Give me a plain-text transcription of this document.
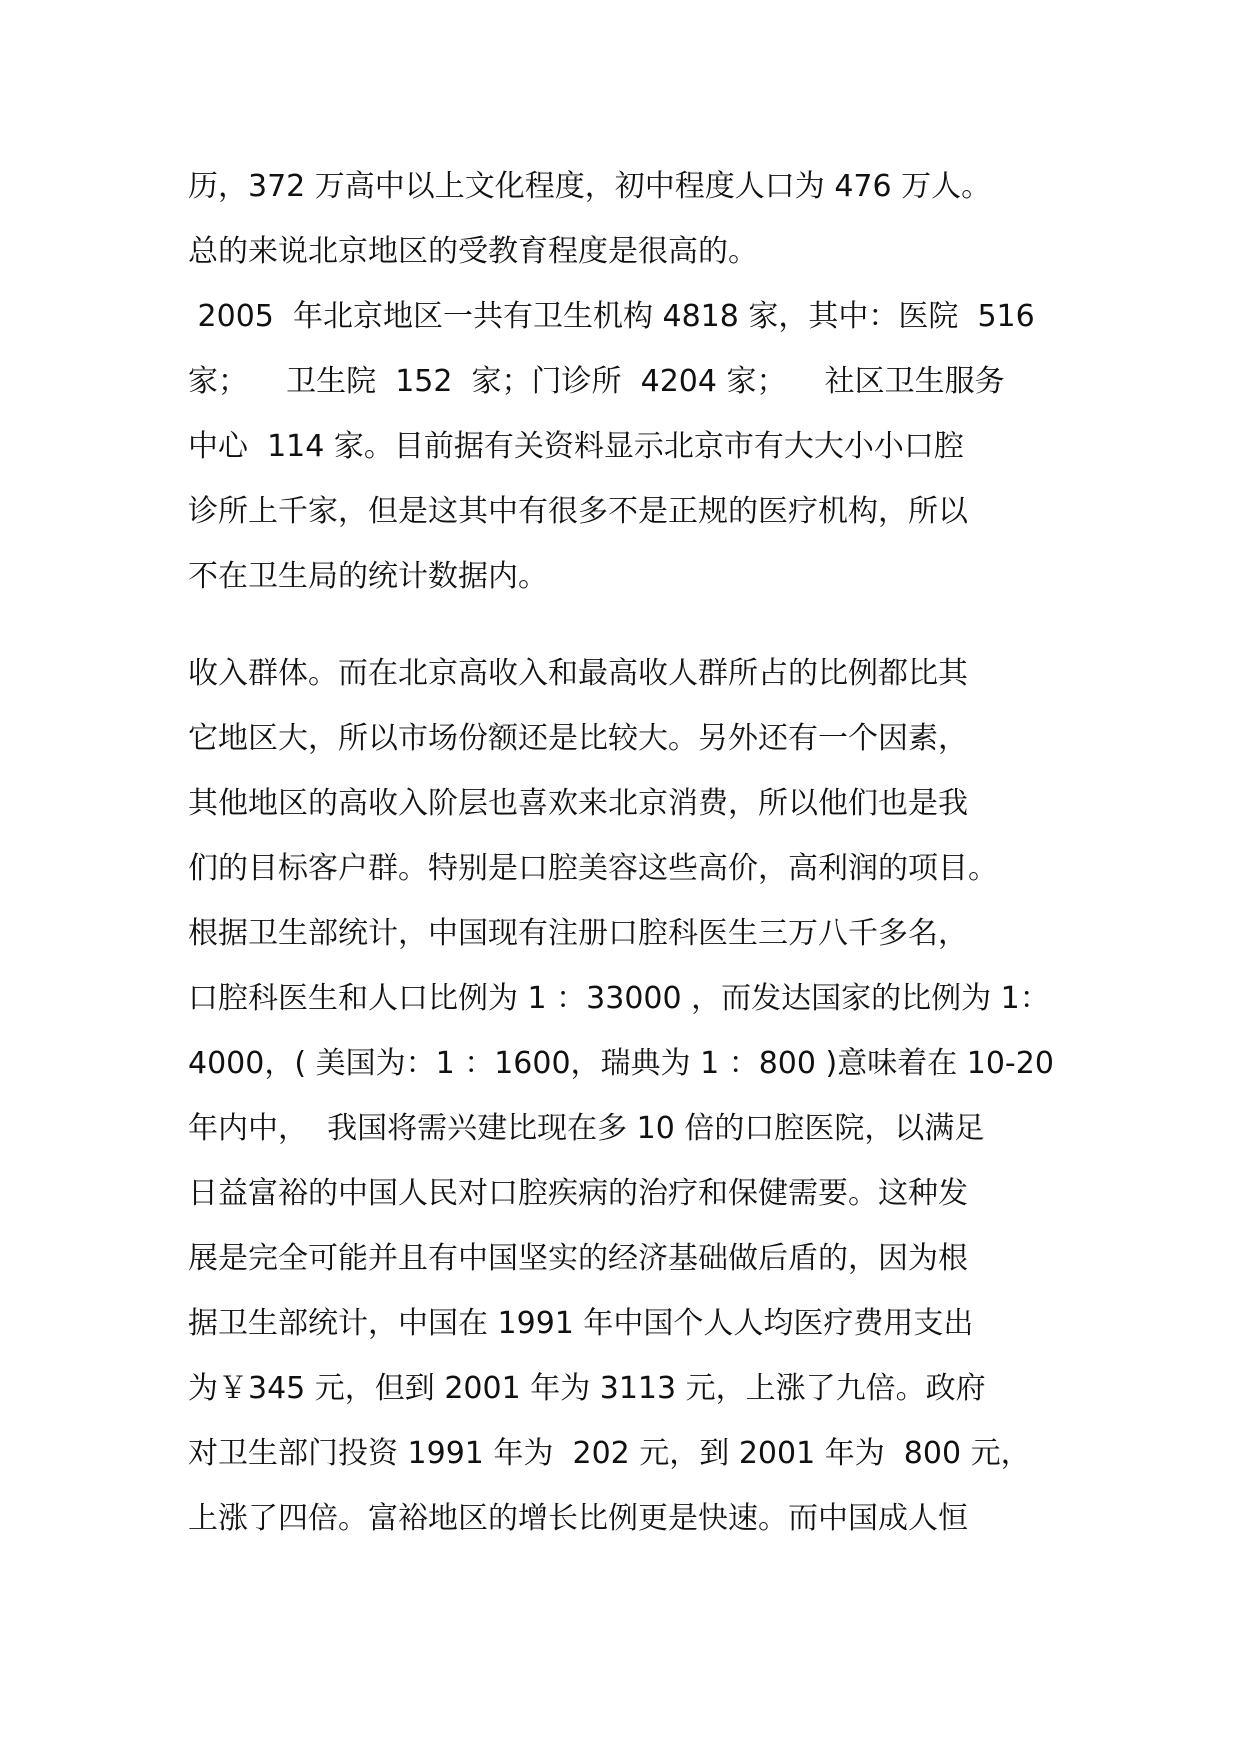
历，372 万高中以上文化程度，初中程度人口为 476 万人。
总的来说北京地区的受教育程度是很高的。
2005  年北京地区一共有卫生机构 4818 家，其中：医院  516
家；    卫生院  152  家；门诊所  4204 家；    社区卫生服务
中心  114 家。目前据有关资料显示北京市有大大小小口腔
诊所上千家，但是这其中有很多不是正规的医疗机构，所以
不在卫生局的统计数据内。
收入群体。而在北京高收入和最高收人群所占的比例都比其
它地区大，所以市场份额还是比较大。另外还有一个因素，
其他地区的高收入阶层也喜欢来北京消费，所以他们也是我
们的目标客户群。特别是口腔美容这些高价，高利润的项目。
根据卫生部统计，中国现有注册口腔科医生三万八千多名，
口腔科医生和人口比例为 1 ：33000 ，而发达国家的比例为 1：
4000，( 美国为：1 ：1600，瑞典为 1 ：800 )意味着在 10-20
年内中，  我国将需兴建比现在多 10 倍的口腔医院，以满足
日益富裕的中国人民对口腔疾病的治疗和保健需要。这种发
展是完全可能并且有中国坚实的经济基础做后盾的，因为根
据卫生部统计，中国在 1991 年中国个人人均医疗费用支出
为￥345 元，但到 2001 年为 3113 元，上涨了九倍。政府
对卫生部门投资 1991 年为  202 元，到 2001 年为  800 元，
上涨了四倍。富裕地区的增长比例更是快速。而中国成人恒
